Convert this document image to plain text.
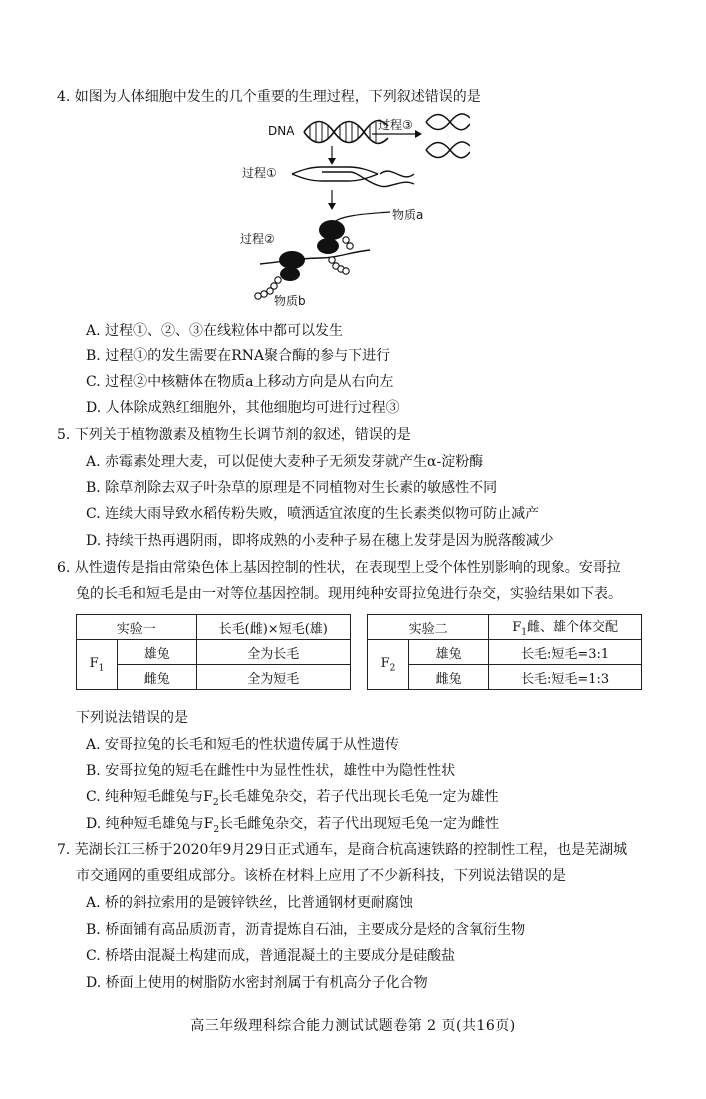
4. 如图为人体细胞中发生的几个重要的生理过程，下列叙述错误的是
DNA	过程③
过程①
过程②
物质a
物质b
A. 过程①、②、③在线粒体中都可以发生
B. 过程①的发生需要在RNA聚合酶的参与下进行
C. 过程②中核糖体在物质a上移动方向是从右向左
D. 人体除成熟红细胞外，其他细胞均可进行过程③
5. 下列关于植物激素及植物生长调节剂的叙述，错误的是
A. 赤霉素处理大麦，可以促使大麦种子无须发芽就产生α-淀粉酶
B. 除草剂除去双子叶杂草的原理是不同植物对生长素的敏感性不同
C. 连续大雨导致水稻传粉失败，喷洒适宜浓度的生长素类似物可防止减产
D. 持续干热再遇阴雨，即将成熟的小麦种子易在穗上发芽是因为脱落酸减少
6. 从性遗传是指由常染色体上基因控制的性状，在表现型上受个体性别影响的现象。安哥拉
兔的长毛和短毛是由一对等位基因控制。现用纯种安哥拉兔进行杂交，实验结果如下表。
实验一		长毛(雌)×短毛(雄)
$F_1$	雄兔	全为长毛
	雌兔	全为短毛
实验二		$F_1$雌、雄个体交配
$F_2$	雄兔	长毛:短毛=3:1
	雌兔	长毛:短毛=1:3
下列说法错误的是
A. 安哥拉兔的长毛和短毛的性状遗传属于从性遗传
B. 安哥拉兔的短毛在雌性中为显性性状，雄性中为隐性性状
C. 纯种短毛雌兔与$F_2$长毛雄兔杂交，若子代出现长毛兔一定为雄性
D. 纯种短毛雄兔与$F_2$长毛雌兔杂交，若子代出现短毛兔一定为雌性
7. 芜湖长江三桥于2020年9月29日正式通车，是商合杭高速铁路的控制性工程，也是芜湖城
市交通网的重要组成部分。该桥在材料上应用了不少新科技，下列说法错误的是
A. 桥的斜拉索用的是镀锌铁丝，比普通钢材更耐腐蚀
B. 桥面铺有高品质沥青，沥青提炼自石油，主要成分是烃的含氧衍生物
C. 桥塔由混凝土构建而成，普通混凝土的主要成分是硅酸盐
D. 桥面上使用的树脂防水密封剂属于有机高分子化合物
高三年级理科综合能力测试试题卷第 2 页(共16页)
